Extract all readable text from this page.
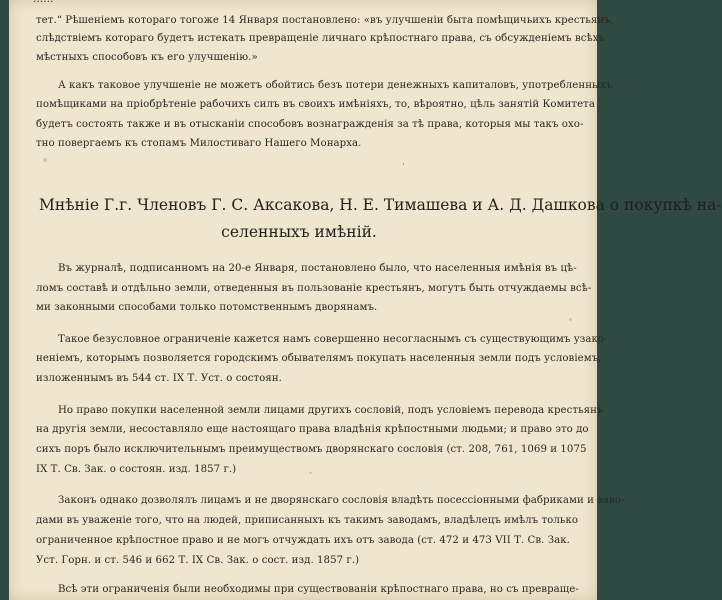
тет.“ Рѣшеніемъ котораго тогоже 14 Января постановлено: «въ улучшеніи быта помѣщичьихъ крестьянъ,
слѣдствіемъ котораго будетъ истекать превращеніе личнаго крѣпостнаго права, съ обсужденіемъ всѣхъ
мѣстныхъ способовъ къ его улучшенію.»
А какъ таковое улучшеніе не можетъ обойтись безъ потери денежныхъ капиталовъ, употребленныхъ
помѣщиками на пріобрѣтеніе рабочихъ силъ въ своихъ имѣніяхъ, то, вѣроятно, цѣль занятій Комитета
будетъ состоять также и въ отысканіи способовъ вознагражденія за тѣ права, которыя мы такъ охо-
тно повергаемъ къ стопамъ Милостиваго Нашего Монарха.
·
Мнѣніе Г.г. Членовъ Г. С. Аксакова, Н. Е. Тимашева и А. Д. Дашкова о покупкѣ на-
селенныхъ имѣній.
Въ журналѣ, подписанномъ на 20-е Января, постановлено было, что населенныя имѣнія въ цѣ-
ломъ составѣ и отдѣльно земли, отведенныя въ пользованіе крестьянъ, могутъ быть отчуждаемы всѣ-
ми законными способами только потомственнымъ дворянамъ.
Такое безусловное ограниченіе кажется намъ совершенно несогласнымъ съ существующимъ узако-
неніемъ, которымъ позволяется городскимъ обывателямъ покупать населенныя земли подъ условіемъ,
изложеннымъ въ 544 ст. IX Т. Уст. о состоян.
Но право покупки населенной земли лицами другихъ сословій, подъ условіемъ перевода крестьянъ
на другія земли, несоставляло еще настоящаго права владѣнія крѣпостными людьми; и право это до
сихъ поръ было исключительнымъ преимуществомъ дворянскаго сословія (ст. 208, 761, 1069 и 1075
IX Т. Св. Зак. о состоян. изд. 1857 г.)
Законъ однако дозволялъ лицамъ и не дворянскаго сословія владѣть посессіонными фабриками и заво-
дами въ уваженіе того, что на людей, приписанныхъ къ такимъ заводамъ, владѣлецъ имѣлъ только
ограниченное крѣпостное право и не могъ отчуждать ихъ отъ завода (ст. 472 и 473 VII Т. Св. Зак.
Уст. Горн. и ст. 546 и 662 Т. IX Св. Зак. о сост. изд. 1857 г.)
Всѣ эти ограниченія были необходимы при существованіи крѣпостнаго права, но съ превраще-
